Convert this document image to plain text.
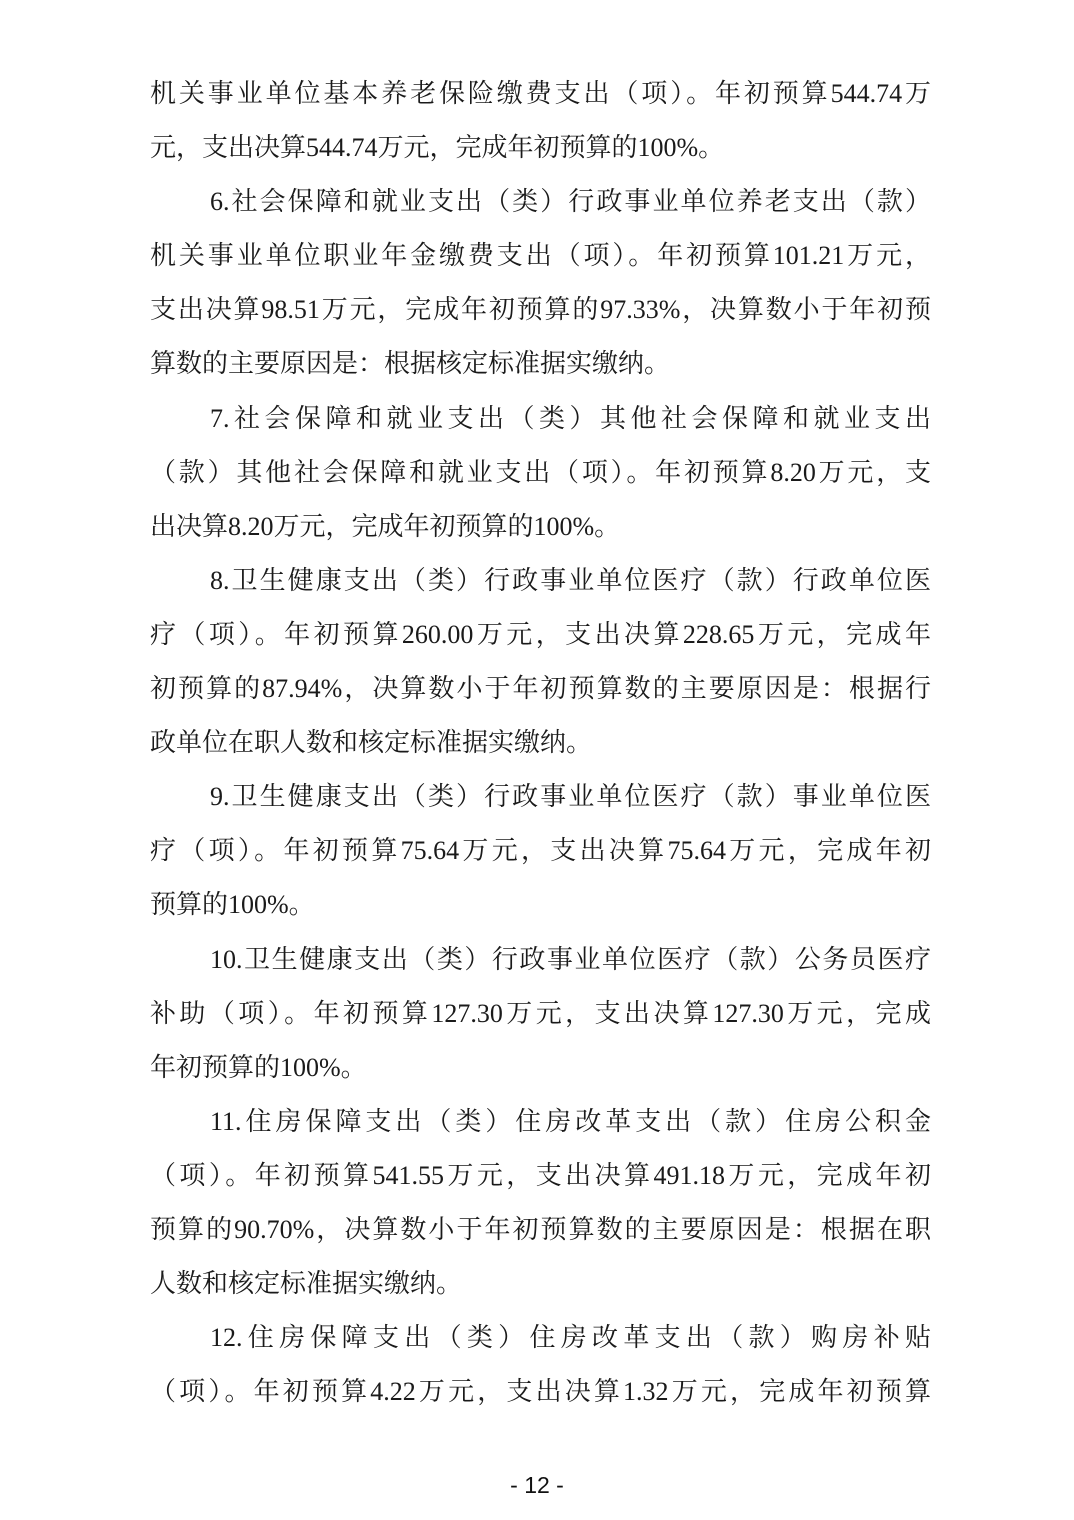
机关事业单位基本养老保险缴费支出（项）。年初预算544.74万
元，支出决算544.74万元，完成年初预算的100%。
6.社会保障和就业支出（类）行政事业单位养老支出（款）
机关事业单位职业年金缴费支出（项）。年初预算101.21万元，
支出决算98.51万元，完成年初预算的97.33%，决算数小于年初预
算数的主要原因是：根据核定标准据实缴纳。
7.社会保障和就业支出（类）其他社会保障和就业支出
（款）其他社会保障和就业支出（项）。年初预算8.20万元，支
出决算8.20万元，完成年初预算的100%。
8.卫生健康支出（类）行政事业单位医疗（款）行政单位医
疗（项）。年初预算260.00万元，支出决算228.65万元，完成年
初预算的87.94%，决算数小于年初预算数的主要原因是：根据行
政单位在职人数和核定标准据实缴纳。
9.卫生健康支出（类）行政事业单位医疗（款）事业单位医
疗（项）。年初预算75.64万元，支出决算75.64万元，完成年初
预算的100%。
10.卫生健康支出（类）行政事业单位医疗（款）公务员医疗
补助（项）。年初预算127.30万元，支出决算127.30万元，完成
年初预算的100%。
11.住房保障支出（类）住房改革支出（款）住房公积金
（项）。年初预算541.55万元，支出决算491.18万元，完成年初
预算的90.70%，决算数小于年初预算数的主要原因是：根据在职
人数和核定标准据实缴纳。
12.住房保障支出（类）住房改革支出（款）购房补贴
（项）。年初预算4.22万元，支出决算1.32万元，完成年初预算
- 12 -
